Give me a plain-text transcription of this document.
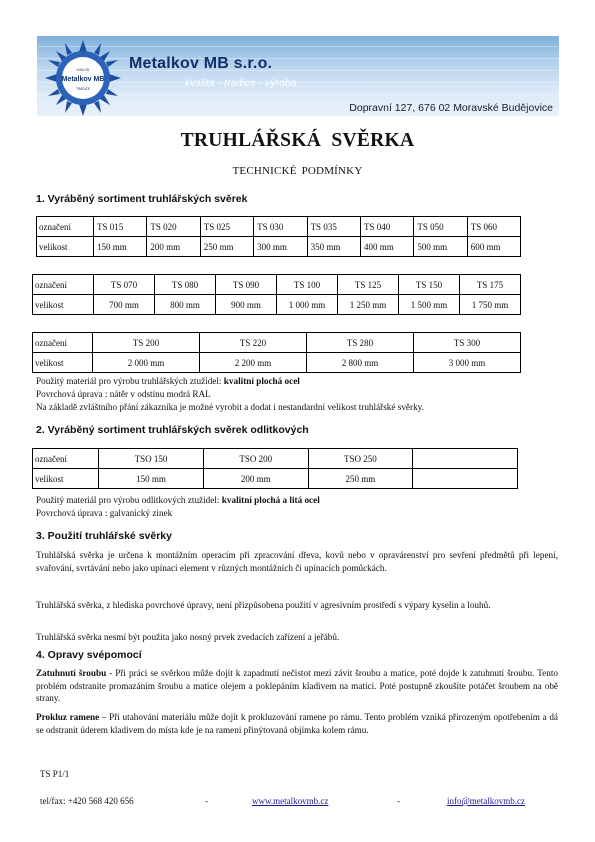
Metalkov MB
KVALITA
TRADICE
Metalkov MB s.r.o.
kvalita - tradice - výroba
Dopravní 127, 676 02 Moravské Budějovice
TRUHLÁŘSKÁ SVĚRKA
TECHNICKÉ PODMÍNKY
1. Vyráběný sortiment truhlářských svěrek
označení	TS 015	TS 020	TS 025	TS 030	TS 035	TS 040	TS 050	TS 060
velikost	150 mm	200 mm	250 mm	300 mm	350 mm	400 mm	500 mm	600 mm
označení	TS 070	TS 080	TS 090	TS 100	TS 125	TS 150	TS 175
velikost	700 mm	800 mm	900 mm	1 000 mm	1 250 mm	1 500 mm	1 750 mm
označení	TS 200	TS 220	TS 280	TS 300
velikost	2 000 mm	2 200 mm	2 800 mm	3 000 mm
Použitý materiál pro výrobu truhlářských ztužidel: kvalitní plochá ocel
Povrchová úprava : nátěr v odstínu modrá RAL
Na základě zvláštního přání zákazníka je možné vyrobit a dodat i nestandardní velikost truhlářské svěrky.
2. Vyráběný sortiment truhlářských svěrek odlitkových
označení	TSO 150	TSO 200	TSO 250	
velikost	150 mm	200 mm	250 mm	
Použitý materiál pro výrobu odlitkových ztužidel: kvalitní plochá a litá ocel
Povrchová úprava : galvanický zinek
3. Použití truhlářské svěrky
Truhlářská svěrka je určena k montážním operacím při zpracování dřeva, kovů nebo v opravárenství pro sevření předmětů při lepení, svařování, svrtávání nebo jako upínací element v různých montážních či upínacích pomůckách.
Truhlářská svěrka, z hlediska povrchové úpravy, není přizpůsobena použití v agresivním prostředí s výpary kyselin a louhů.
Truhlářská svěrka nesmí být použita jako nosný prvek zvedacích zařízení a jeřábů.
4. Opravy svépomocí
Zatuhnutí šroubu - Při práci se svěrkou může dojít k zapadnutí nečistot mezi závit šroubu a matice, poté dojde k zatuhnutí šroubu. Tento problém odstraníte promazáním šroubu a matice olejem a poklepáním kladivem na matici. Poté postupně zkoušíte potáčet šroubem na obě strany.
Prokluz ramene – Při utahování materiálu může dojít k prokluzování ramene po rámu. Tento problém vzniká přirozeným opotřebením a dá se odstranit úderem kladivem do místa kde je na rameni přinýtovaná objímka kolem rámu.
TS P1/1
tel/fax: +420 568 420 656	-	www.metalkovmb.cz	-	info@metalkovmb.cz
